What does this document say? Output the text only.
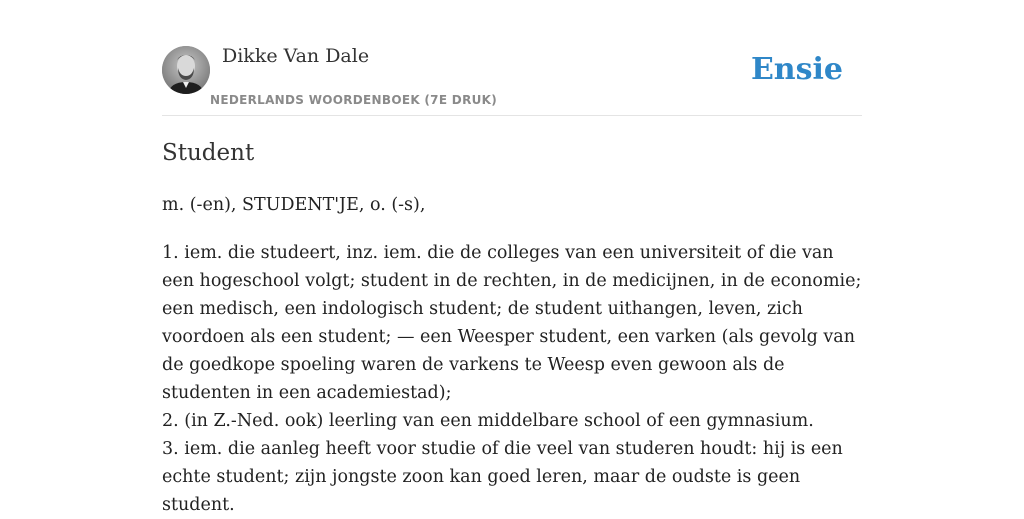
Dikke Van Dale
NEDERLANDS WOORDENBOEK (7E DRUK)
Ensie
Student
m. (-en), STUDENT'JE, o. (-s),

1. iem. die studeert, inz. iem. die de colleges van een universiteit of die van een hogeschool volgt; student in de rechten, in de medicijnen, in de economie; een medisch, een indologisch student; de student uithangen, leven, zich voordoen als een student; — een Weesper student, een varken (als gevolg van de goedkope spoeling waren de varkens te Weesp even gewoon als de studenten in een academiestad);

2. (in Z.-Ned. ook) leerling van een middelbare school of een gymnasium.

3. iem. die aanleg heeft voor studie of die veel van studeren houdt: hij is een echte student; zijn jongste zoon kan goed leren, maar de oudste is geen student.
